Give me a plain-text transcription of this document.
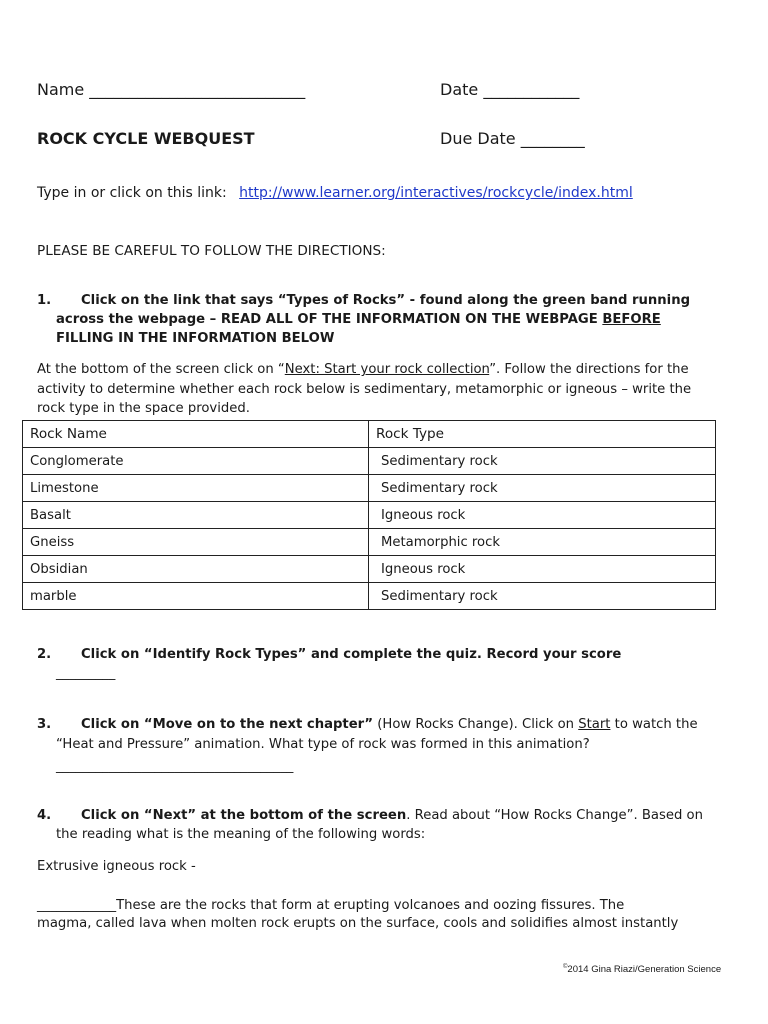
Name ___________________________	Date ____________
ROCK CYCLE WEBQUEST	Due Date ________
Type in or click on this link: http://www.learner.org/interactives/rockcycle/index.html
PLEASE BE CAREFUL TO FOLLOW THE DIRECTIONS:
1. Click on the link that says “Types of Rocks” - found along the green band running
across the webpage – READ ALL OF THE INFORMATION ON THE WEBPAGE BEFORE
FILLING IN THE INFORMATION BELOW
At the bottom of the screen click on “Next: Start your rock collection”. Follow the directions for the
activity to determine whether each rock below is sedimentary, metamorphic or igneous – write the
rock type in the space provided.
Rock Name	Rock Type
Conglomerate	Sedimentary rock
Limestone	Sedimentary rock
Basalt	Igneous rock
Gneiss	Metamorphic rock
Obsidian	Igneous rock
marble	Sedimentary rock
2. Click on “Identify Rock Types” and complete the quiz. Record your score
_________
3. Click on “Move on to the next chapter” (How Rocks Change). Click on Start to watch the
“Heat and Pressure” animation. What type of rock was formed in this animation?
____________________________________
4. Click on “Next” at the bottom of the screen. Read about “How Rocks Change”. Based on
the reading what is the meaning of the following words:
Extrusive igneous rock -
____________These are the rocks that form at erupting volcanoes and oozing fissures. The
magma, called lava when molten rock erupts on the surface, cools and solidifies almost instantly
©2014 Gina Riazi/Generation Science
